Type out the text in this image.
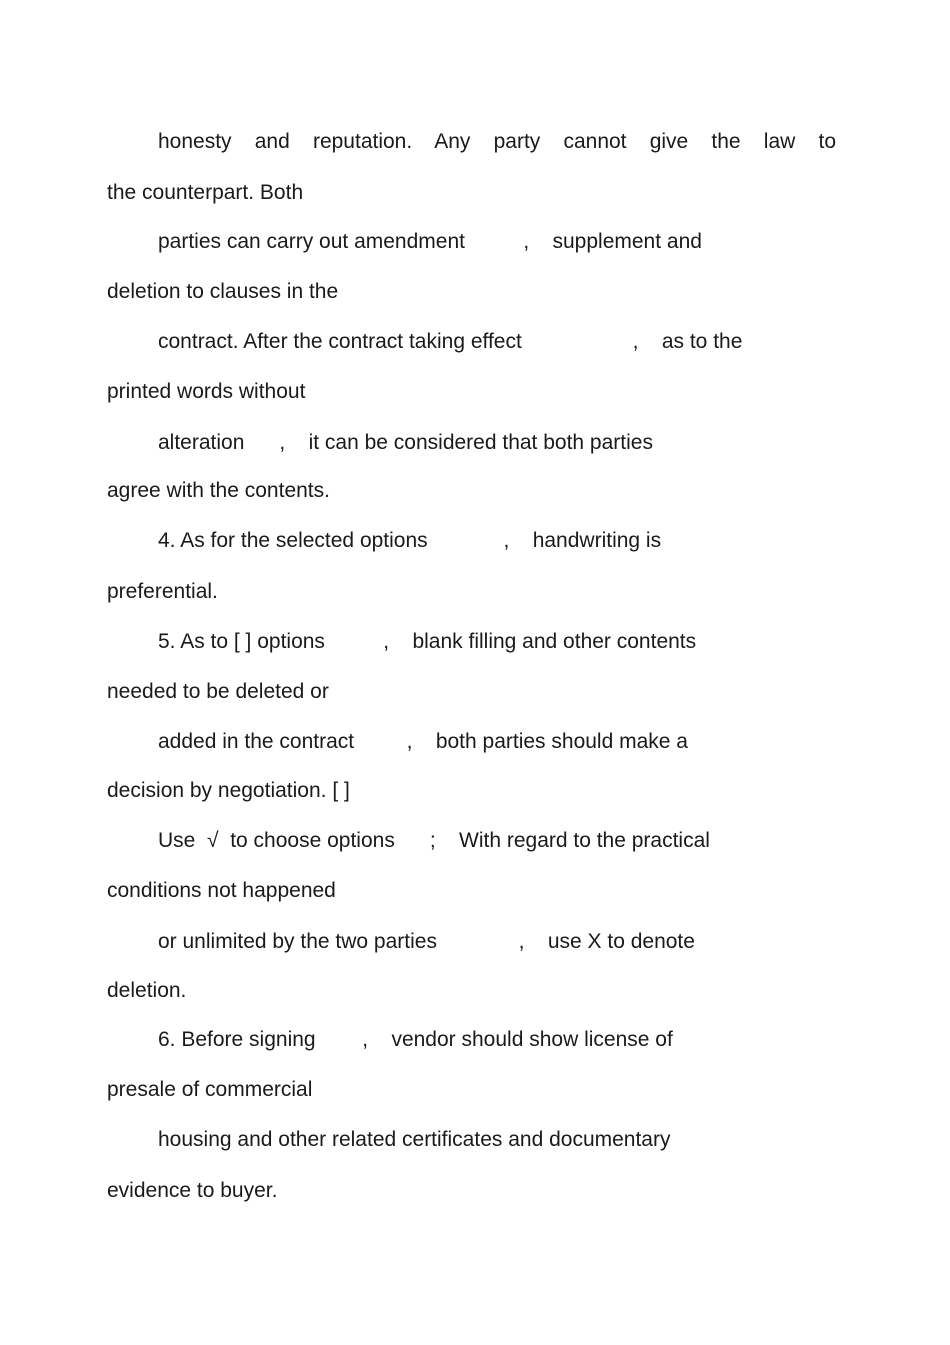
honesty and reputation. Any party cannot give the law to
the counterpart. Both
parties can carry out amendment          ,    supplement and
deletion to clauses in the
contract. After the contract taking effect                   ,    as to the
printed words without
alteration      ,    it can be considered that both parties
agree with the contents.
4. As for the selected options             ,    handwriting is
preferential.
5. As to [ ] options          ,    blank filling and other contents
needed to be deleted or
added in the contract         ,    both parties should make a
decision by negotiation. [ ]
Use  √  to choose options      ;    With regard to the practical
conditions not happened
or unlimited by the two parties              ,    use X to denote
deletion.
6. Before signing        ,    vendor should show license of
presale of commercial
housing and other related certificates and documentary
evidence to buyer.
